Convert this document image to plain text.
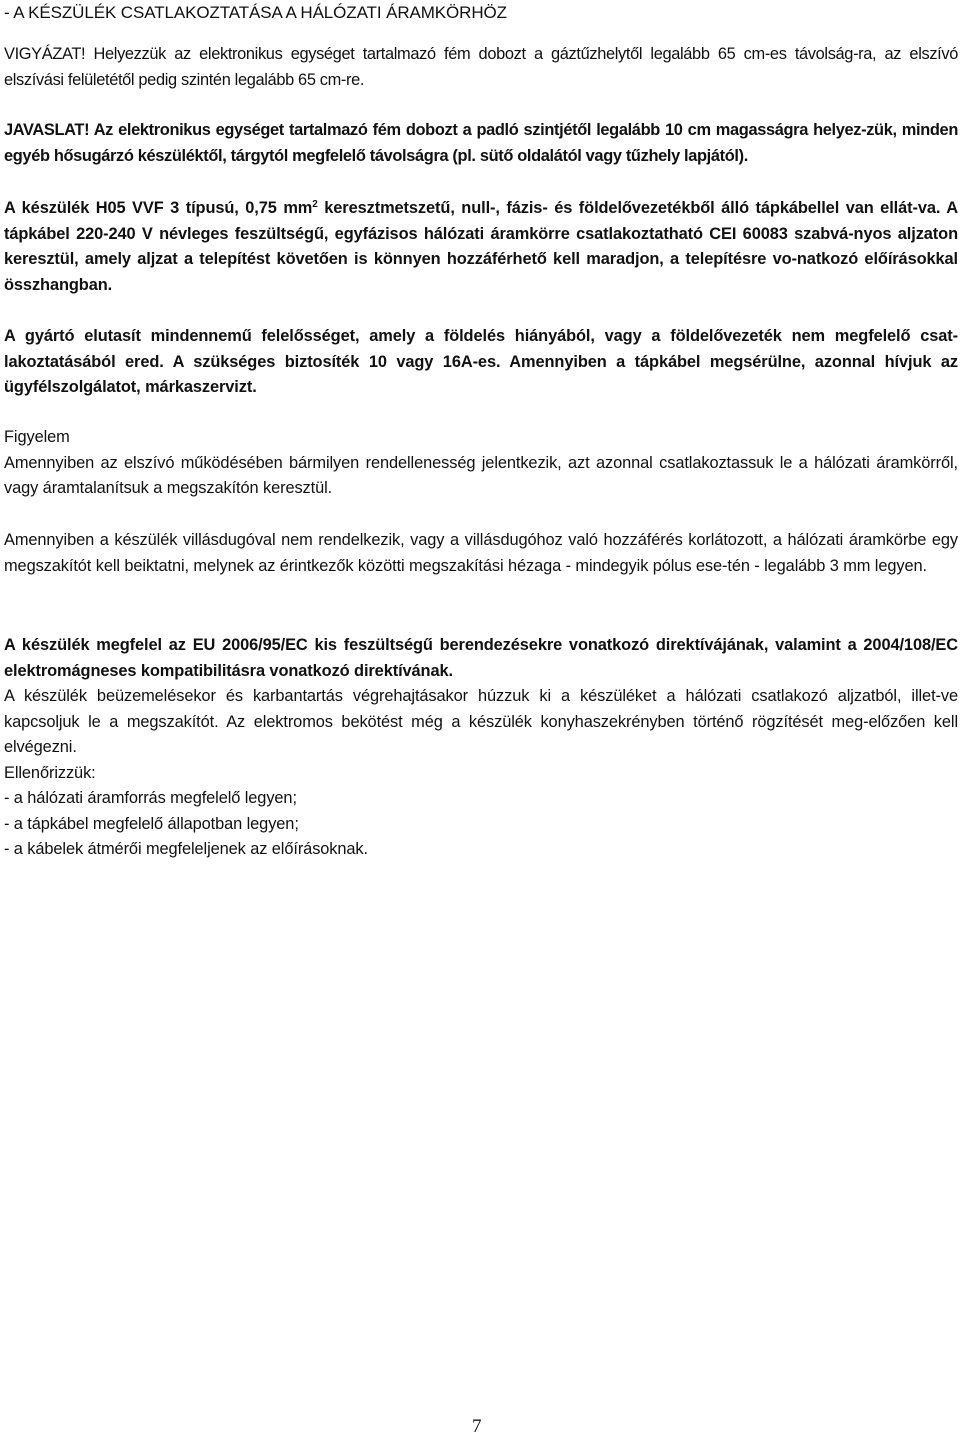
- A KÉSZÜLÉK CSATLAKOZTATÁSA A HÁLÓZATI ÁRAMKÖRHÖZ

VIGYÁZAT! Helyezzük az elektronikus egységet tartalmazó fém dobozt a gáztűzhelytől legalább 65 cm-es távolság-ra, az elszívó elszívási felületétől pedig szintén legalább 65 cm-re.

JAVASLAT! Az elektronikus egységet tartalmazó fém dobozt a padló szintjétől legalább 10 cm magasságra helyez-zük, minden egyéb hősugárzó készüléktől, tárgytól megfelelő távolságra (pl. sütő oldalától vagy tűzhely lapjától).

A készülék H05 VVF 3 típusú, 0,75 $mm^2$ keresztmetszetű, null-, fázis- és földelővezetékből álló tápkábellel van ellát-va. A tápkábel 220-240 V névleges feszültségű, egyfázisos hálózati áramkörre csatlakoztatható CEI 60083 szabvá-nyos aljzaton keresztül, amely aljzat a telepítést követően is könnyen hozzáférhető kell maradjon, a telepítésre vo-natkozó előírásokkal összhangban.

A gyártó elutasít mindennemű felelősséget, amely a földelés hiányából, vagy a földelővezeték nem megfelelő csat-lakoztatásából ered. A szükséges biztosíték 10 vagy 16A-es. Amennyiben a tápkábel megsérülne, azonnal hívjuk az ügyfélszolgálatot, márkaszervizt.

Figyelem
Amennyiben az elszívó működésében bármilyen rendellenesség jelentkezik, azt azonnal csatlakoztassuk le a hálózati áramkörről, vagy áramtalanítsuk a megszakítón keresztül.

Amennyiben a készülék villásdugóval nem rendelkezik, vagy a villásdugóhoz való hozzáférés korlátozott, a hálózati áramkörbe egy megszakítót kell beiktatni, melynek az érintkezők közötti megszakítási hézaga - mindegyik pólus ese-tén - legalább 3 mm legyen.

A készülék megfelel az EU 2006/95/EC kis feszültségű berendezésekre vonatkozó direktívájának, valamint a 2004/108/EC elektromágneses kompatibilitásra vonatkozó direktívának.
A készülék beüzemelésekor és karbantartás végrehajtásakor húzzuk ki a készüléket a hálózati csatlakozó aljzatból, illet-ve kapcsoljuk le a megszakítót. Az elektromos bekötést még a készülék konyhaszekrényben történő rögzítését meg-előzően kell elvégezni.
Ellenőrizzük:
- a hálózati áramforrás megfelelő legyen;
- a tápkábel megfelelő állapotban legyen;
- a kábelek átmérői megfeleljenek az előírásoknak.
7
